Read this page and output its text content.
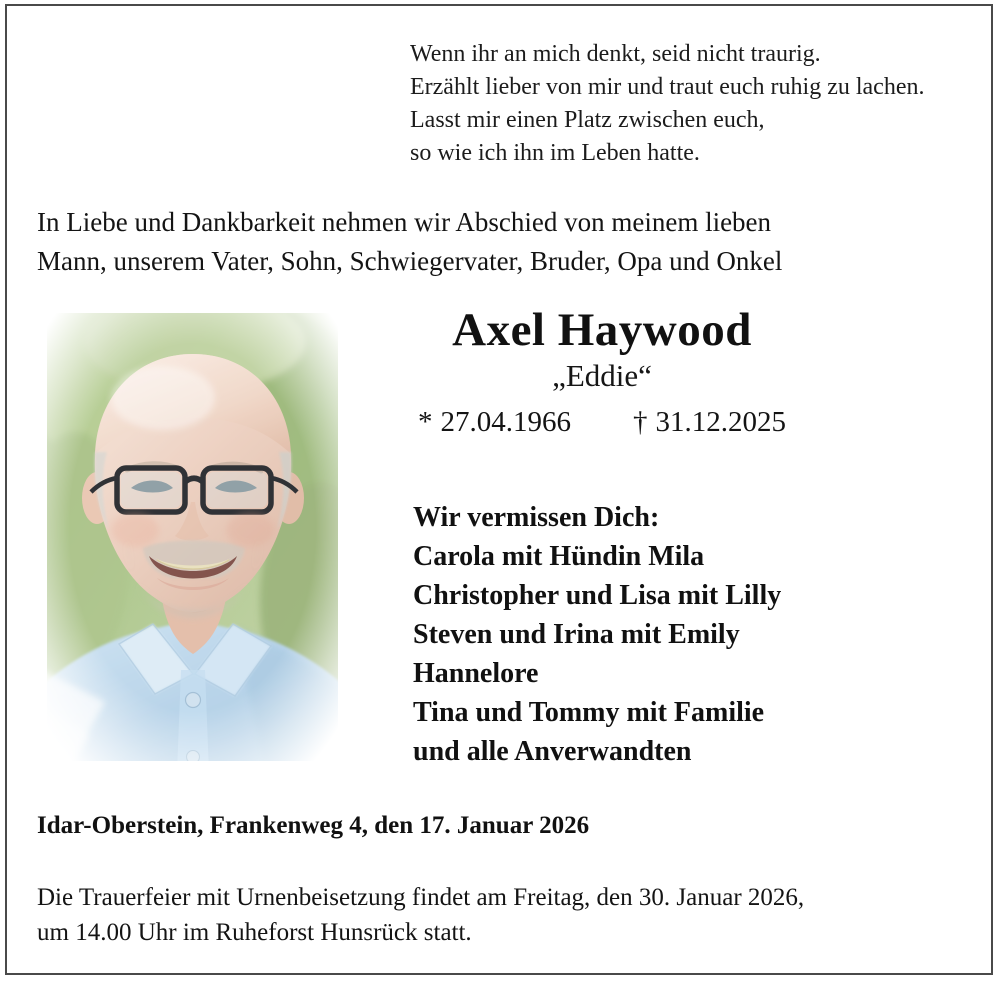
Wenn ihr an mich denkt, seid nicht traurig.
Erzählt lieber von mir und traut euch ruhig zu lachen.
Lasst mir einen Platz zwischen euch,
so wie ich ihn im Leben hatte.
In Liebe und Dankbarkeit nehmen wir Abschied von meinem lieben
Mann, unserem Vater, Sohn, Schwiegervater, Bruder, Opa und Onkel
Axel Haywood
„Eddie“
* 27.04.1966 † 31.12.2025
Wir vermissen Dich:
Carola mit Hündin Mila
Christopher und Lisa mit Lilly
Steven und Irina mit Emily
Hannelore
Tina und Tommy mit Familie
und alle Anverwandten
Idar-Oberstein, Frankenweg 4, den 17. Januar 2026
Die Trauerfeier mit Urnenbeisetzung findet am Freitag, den 30. Januar 2026,
um 14.00 Uhr im Ruheforst Hunsrück statt.
